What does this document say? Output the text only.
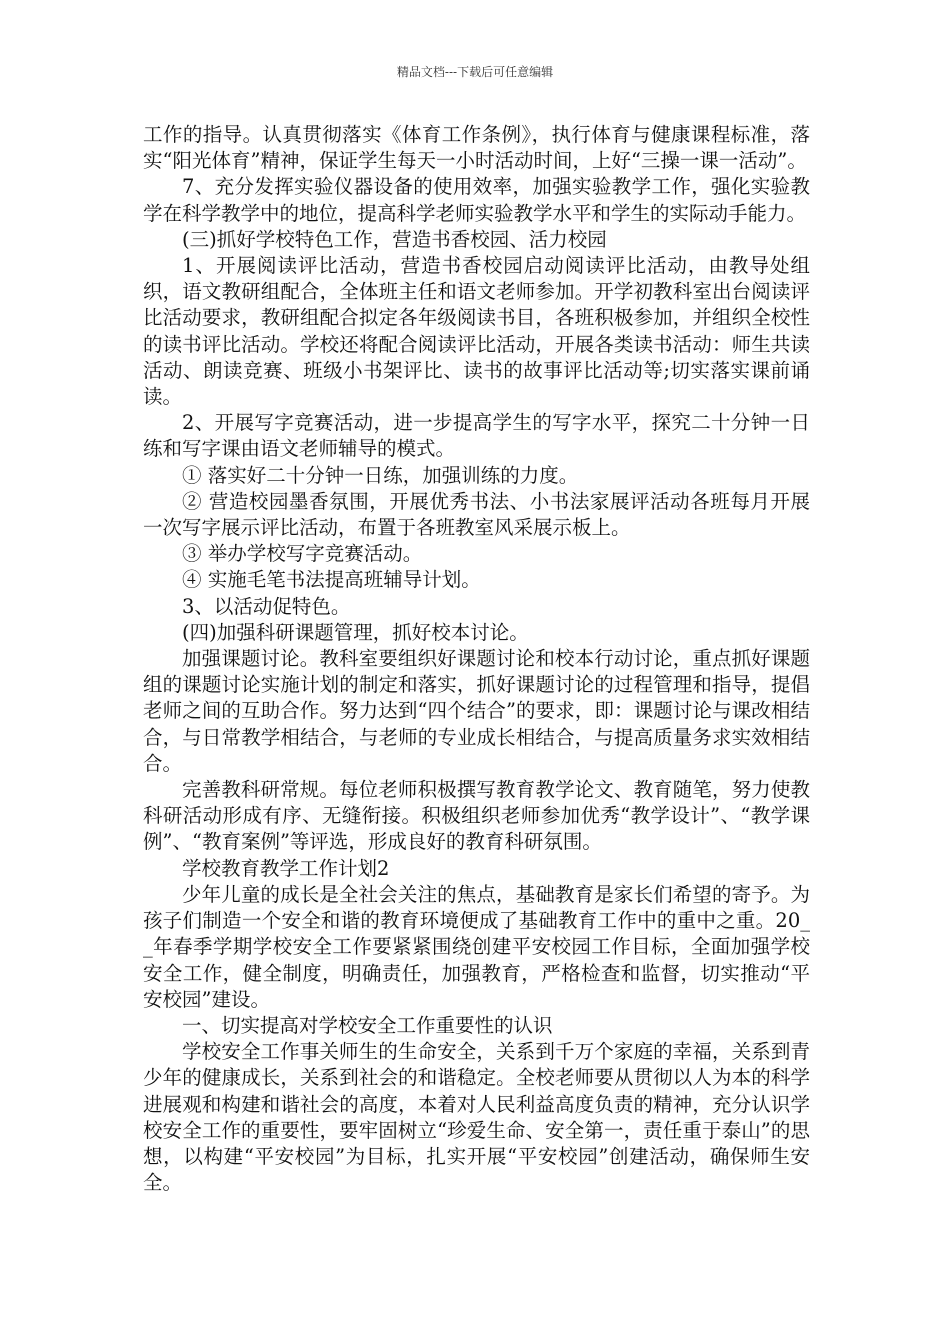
精品文档---下载后可任意编辑

工作的指导。认真贯彻落实《体育工作条例》，执行体育与健康课程标准，落实“阳光体育”精神，保证学生每天一小时活动时间，上好“三操一课一活动”。

7、充分发挥实验仪器设备的使用效率，加强实验教学工作，强化实验教学在科学教学中的地位，提高科学老师实验教学水平和学生的实际动手能力。

(三)抓好学校特色工作，营造书香校园、活力校园

1、开展阅读评比活动，营造书香校园启动阅读评比活动，由教导处组织，语文教研组配合，全体班主任和语文老师参加。开学初教科室出台阅读评比活动要求，教研组配合拟定各年级阅读书目，各班积极参加，并组织全校性的读书评比活动。学校还将配合阅读评比活动，开展各类读书活动：师生共读活动、朗读竞赛、班级小书架评比、读书的故事评比活动等;切实落实课前诵读。

2、开展写字竞赛活动，进一步提高学生的写字水平，探究二十分钟一日练和写字课由语文老师辅导的模式。

① 落实好二十分钟一日练，加强训练的力度。

② 营造校园墨香氛围，开展优秀书法、小书法家展评活动各班每月开展一次写字展示评比活动，布置于各班教室风采展示板上。

③ 举办学校写字竞赛活动。

④ 实施毛笔书法提高班辅导计划。

3、以活动促特色。

(四)加强科研课题管理，抓好校本讨论。

加强课题讨论。教科室要组织好课题讨论和校本行动讨论，重点抓好课题组的课题讨论实施计划的制定和落实，抓好课题讨论的过程管理和指导，提倡老师之间的互助合作。努力达到“四个结合”的要求，即：课题讨论与课改相结合，与日常教学相结合，与老师的专业成长相结合，与提高质量务求实效相结合。

完善教科研常规。每位老师积极撰写教育教学论文、教育随笔，努力使教科研活动形成有序、无缝衔接。积极组织老师参加优秀“教学设计”、“教学课例”、“教育案例”等评选，形成良好的教育科研氛围。

学校教育教学工作计划2

少年儿童的成长是全社会关注的焦点，基础教育是家长们希望的寄予。为孩子们制造一个安全和谐的教育环境便成了基础教育工作中的重中之重。20__年春季学期学校安全工作要紧紧围绕创建平安校园工作目标，全面加强学校安全工作，健全制度，明确责任，加强教育，严格检查和监督，切实推动“平安校园”建设。

一、切实提高对学校安全工作重要性的认识

学校安全工作事关师生的生命安全，关系到千万个家庭的幸福，关系到青少年的健康成长，关系到社会的和谐稳定。全校老师要从贯彻以人为本的科学进展观和构建和谐社会的高度，本着对人民利益高度负责的精神，充分认识学校安全工作的重要性，要牢固树立“珍爱生命、安全第一，责任重于泰山”的思想，以构建“平安校园”为目标，扎实开展“平安校园”创建活动，确保师生安全。
